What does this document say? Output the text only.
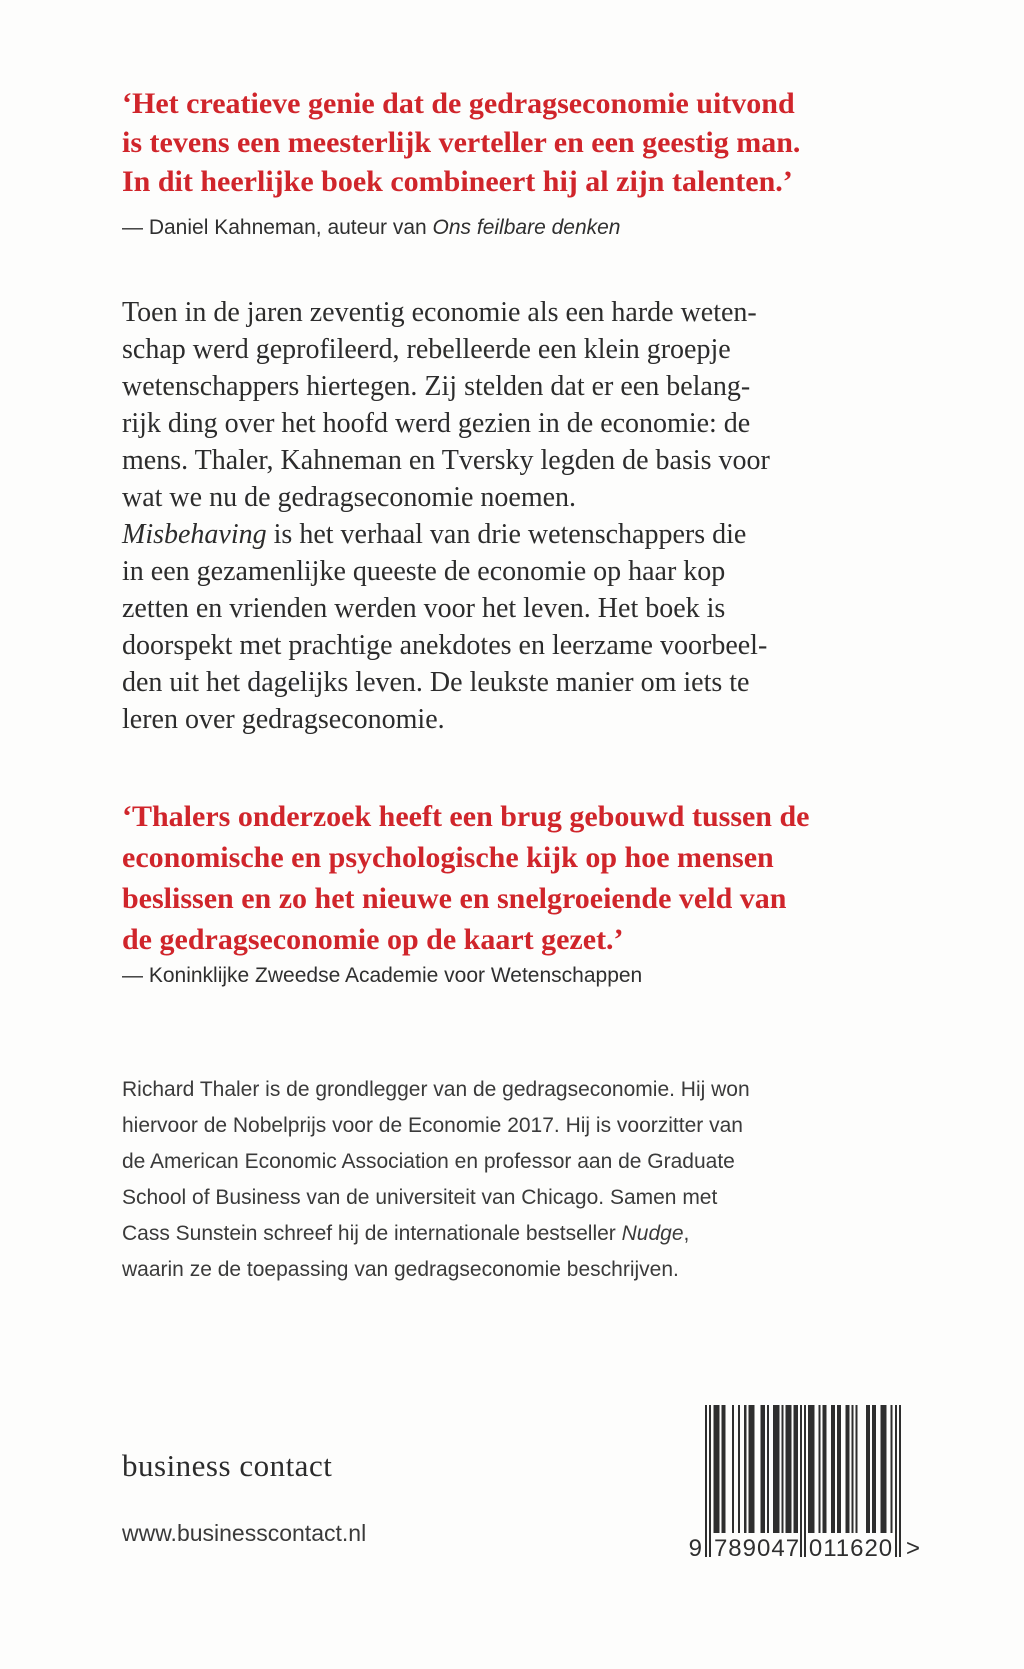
‘Het creatieve genie dat de gedragseconomie uitvond
is tevens een meesterlijk verteller en een geestig man.
In dit heerlijke boek combineert hij al zijn talenten.’
— Daniel Kahneman, auteur van Ons feilbare denken
Toen in de jaren zeventig economie als een harde weten-
schap werd geprofileerd, rebelleerde een klein groepje
wetenschappers hiertegen. Zij stelden dat er een belang-
rijk ding over het hoofd werd gezien in de economie: de
mens. Thaler, Kahneman en Tversky legden de basis voor
wat we nu de gedragseconomie noemen.
Misbehaving is het verhaal van drie wetenschappers die
in een gezamenlijke queeste de economie op haar kop
zetten en vrienden werden voor het leven. Het boek is
doorspekt met prachtige anekdotes en leerzame voorbeel-
den uit het dagelijks leven. De leukste manier om iets te
leren over gedragseconomie.
‘Thalers onderzoek heeft een brug gebouwd tussen de
economische en psychologische kijk op hoe mensen
beslissen en zo het nieuwe en snelgroeiende veld van
de gedragseconomie op de kaart gezet.’
— Koninklijke Zweedse Academie voor Wetenschappen
Richard Thaler is de grondlegger van de gedragseconomie. Hij won
hiervoor de Nobelprijs voor de Economie 2017. Hij is voorzitter van
de American Economic Association en professor aan de Graduate
School of Business van de universiteit van Chicago. Samen met
Cass Sunstein schreef hij de internationale bestseller Nudge,
waarin ze de toepassing van gedragseconomie beschrijven.
business contact
www.businesscontact.nl
9 789047 011620 >
